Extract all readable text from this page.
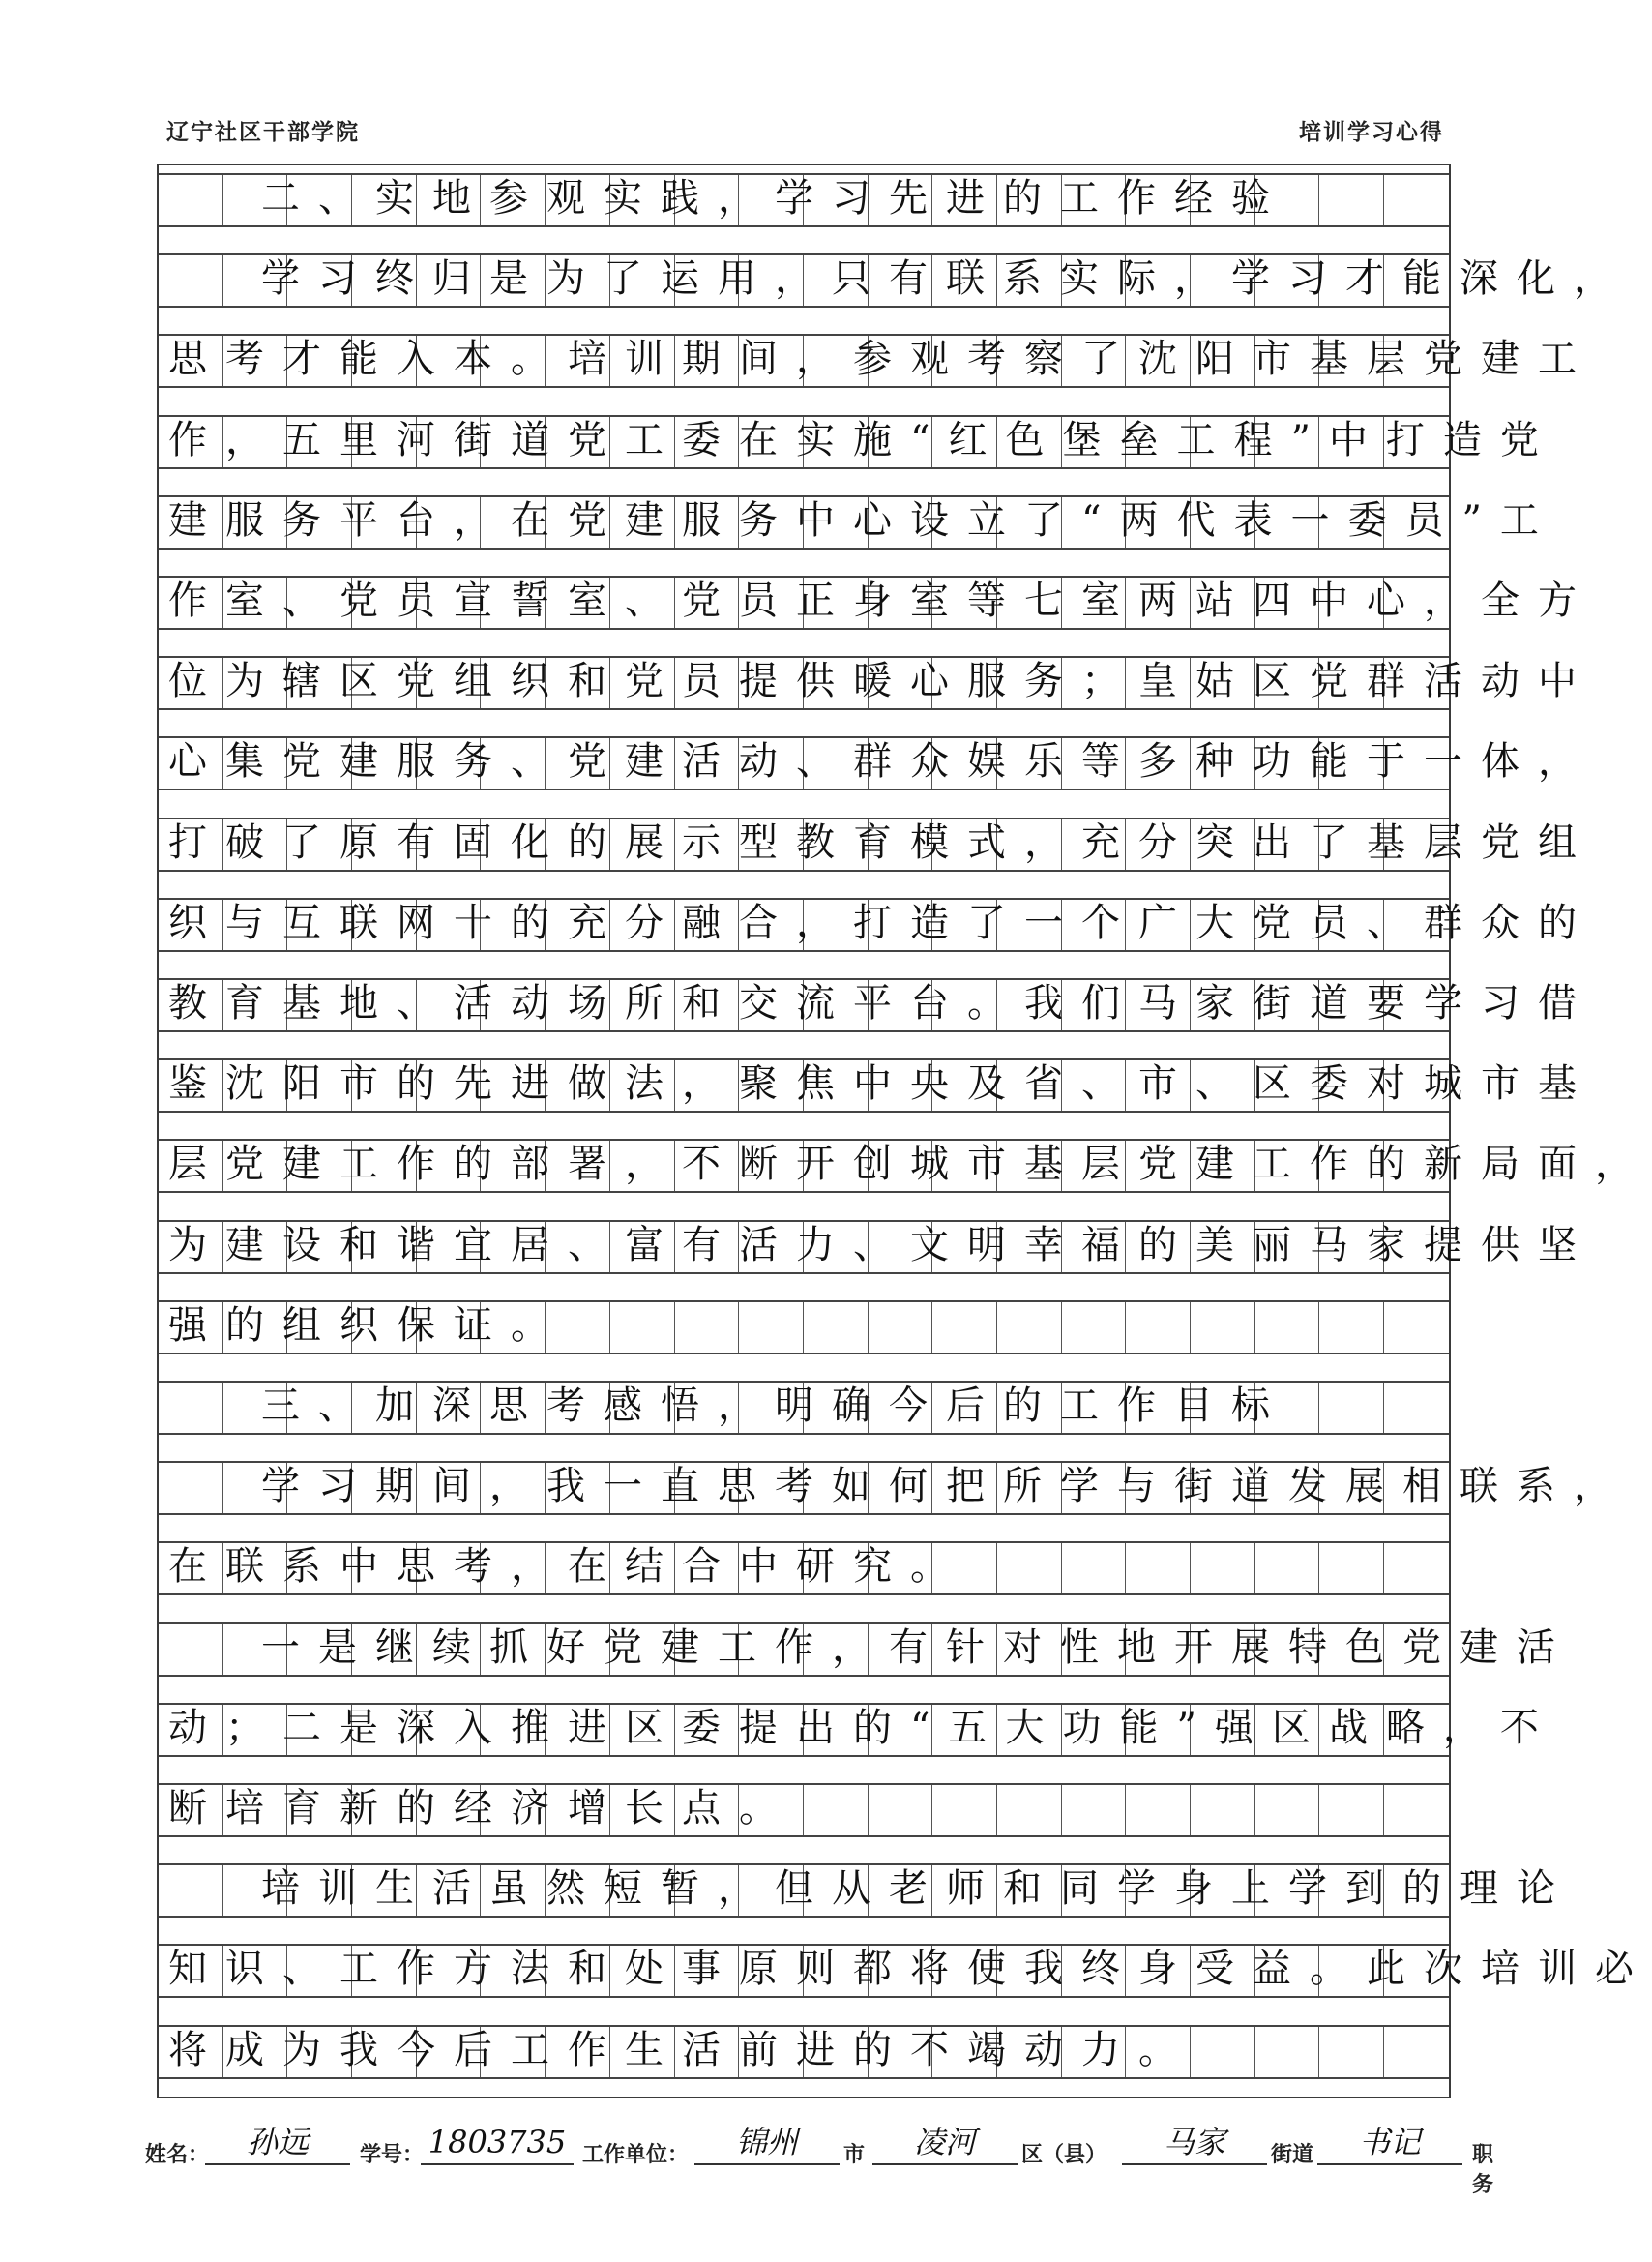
辽宁社区干部学院	培训学习心得
二、实地参观实践，学习先进的工作经验
学习终归是为了运用，只有联系实际，学习才能深化，
思考才能入本。培训期间，参观考察了沈阳市基层党建工
作，五里河街道党工委在实施“红色堡垒工程”中打造党
建服务平台，在党建服务中心设立了“两代表一委员”工
作室、党员宣誓室、党员正身室等七室两站四中心，全方
位为辖区党组织和党员提供暖心服务；皇姑区党群活动中
心集党建服务、党建活动、群众娱乐等多种功能于一体，
打破了原有固化的展示型教育模式，充分突出了基层党组
织与互联网十的充分融合，打造了一个广大党员、群众的
教育基地、活动场所和交流平台。我们马家街道要学习借
鉴沈阳市的先进做法，聚焦中央及省、市、区委对城市基
层党建工作的部署，不断开创城市基层党建工作的新局面，
为建设和谐宜居、富有活力、文明幸福的美丽马家提供坚
强的组织保证。
三、加深思考感悟，明确今后的工作目标
学习期间，我一直思考如何把所学与街道发展相联系，
在联系中思考，在结合中研究。
一是继续抓好党建工作，有针对性地开展特色党建活
动；二是深入推进区委提出的“五大功能”强区战略，不
断培育新的经济增长点。
培训生活虽然短暂，但从老师和同学身上学到的理论
知识、工作方法和处事原则都将使我终身受益。此次培训必
将成为我今后工作生活前进的不竭动力。
姓名：	孙远	学号： 1803735 工作单位：	锦州	市	凌河	区（县）	马家	街道	书记	职务
